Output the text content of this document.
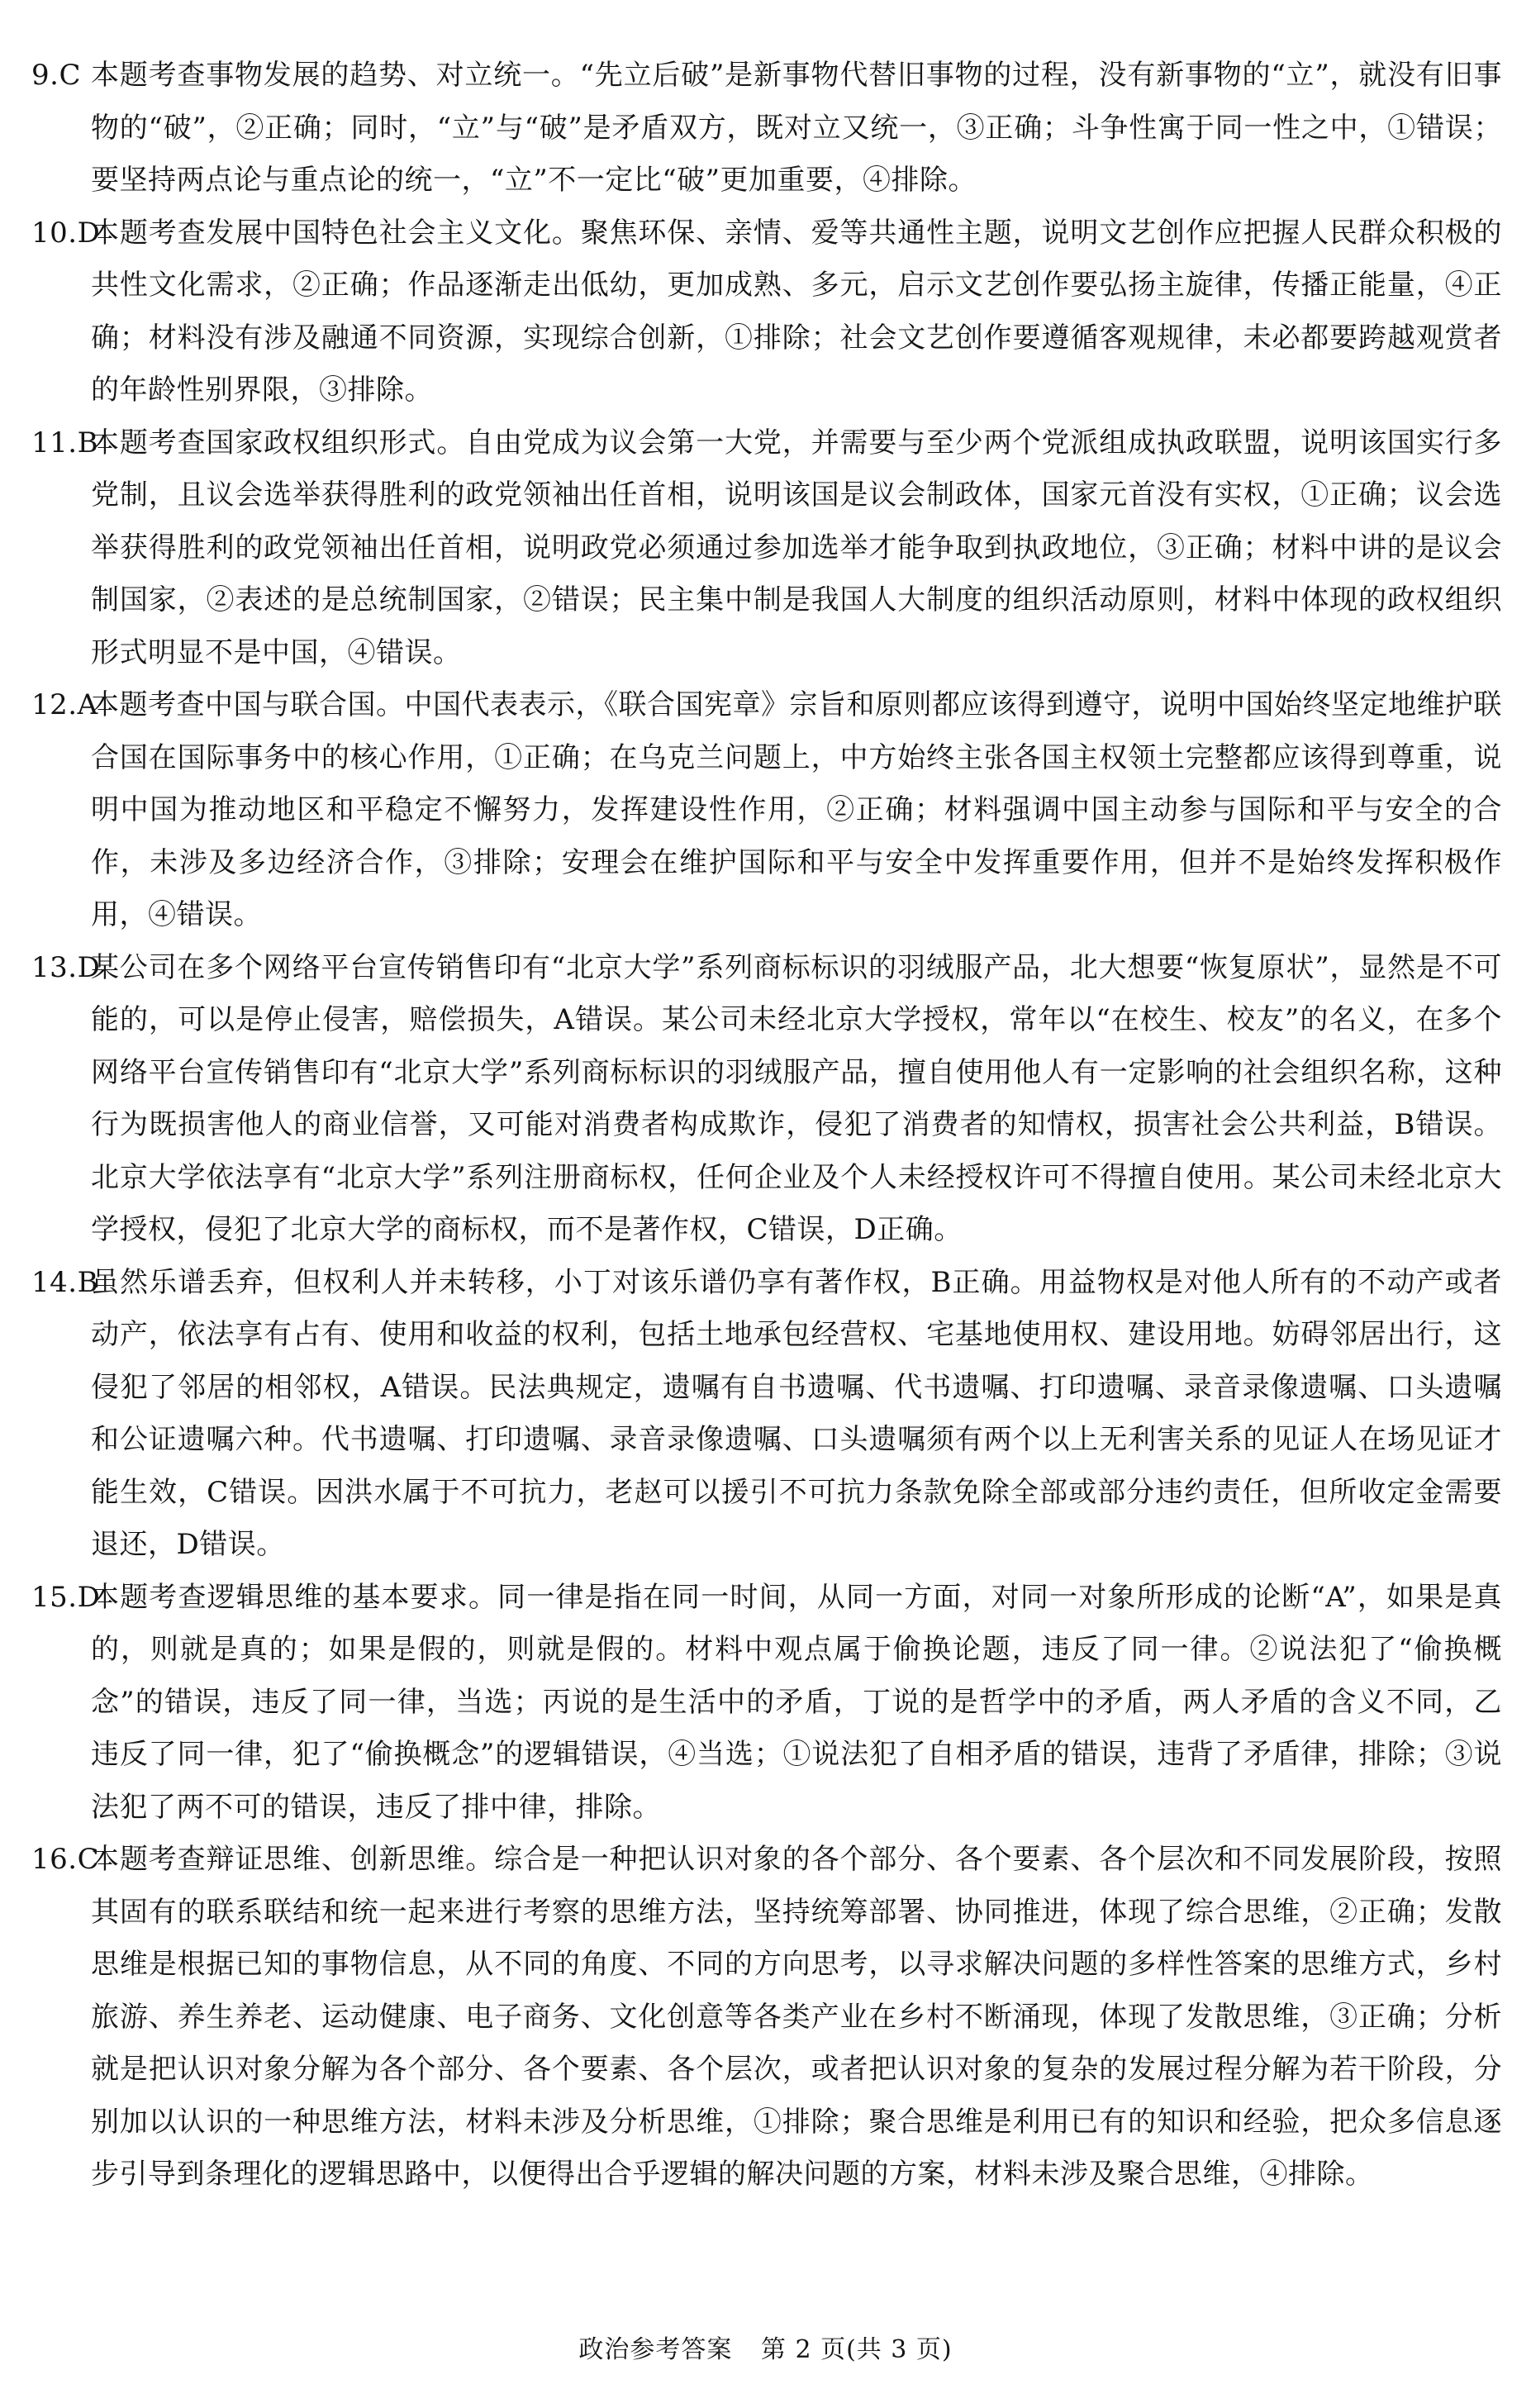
9.C 本题考查事物发展的趋势、对立统一。“先立后破”是新事物代替旧事物的过程，没有新事物的“立”，就没有旧事物的“破”，②正确；同时，“立”与“破”是矛盾双方，既对立又统一，③正确；斗争性寓于同一性之中，①错误；要坚持两点论与重点论的统一，“立”不一定比“破”更加重要，④排除。
10.D
本题考查发展中国特色社会主义文化。聚焦环保、亲情、爱等共通性主题，说明文艺创作应把握人民群众积极的共性文化需求，②正确；作品逐渐走出低幼，更加成熟、多元，启示文艺创作要弘扬主旋律，传播正能量，④正确；材料没有涉及融通不同资源，实现综合创新，①排除；社会文艺创作要遵循客观规律，未必都要跨越观赏者的年龄性别界限，③排除。
11.B
本题考查国家政权组织形式。自由党成为议会第一大党，并需要与至少两个党派组成执政联盟，说明该国实行多党制，且议会选举获得胜利的政党领袖出任首相，说明该国是议会制政体，国家元首没有实权，①正确；议会选举获得胜利的政党领袖出任首相，说明政党必须通过参加选举才能争取到执政地位，③正确；材料中讲的是议会制国家，②表述的是总统制国家，②错误；民主集中制是我国人大制度的组织活动原则，材料中体现的政权组织形式明显不是中国，④错误。
12.A
本题考查中国与联合国。中国代表表示，《联合国宪章》宗旨和原则都应该得到遵守，说明中国始终坚定地维护联合国在国际事务中的核心作用，①正确；在乌克兰问题上，中方始终主张各国主权领土完整都应该得到尊重，说明中国为推动地区和平稳定不懈努力，发挥建设性作用，②正确；材料强调中国主动参与国际和平与安全的合作，未涉及多边经济合作，③排除；安理会在维护国际和平与安全中发挥重要作用，但并不是始终发挥积极作用，④错误。
13.D
某公司在多个网络平台宣传销售印有“北京大学”系列商标标识的羽绒服产品，北大想要“恢复原状”，显然是不可能的，可以是停止侵害，赔偿损失，A错误。某公司未经北京大学授权，常年以“在校生、校友”的名义，在多个网络平台宣传销售印有“北京大学”系列商标标识的羽绒服产品，擅自使用他人有一定影响的社会组织名称，这种行为既损害他人的商业信誉，又可能对消费者构成欺诈，侵犯了消费者的知情权，损害社会公共利益，B错误。北京大学依法享有“北京大学”系列注册商标权，任何企业及个人未经授权许可不得擅自使用。某公司未经北京大学授权，侵犯了北京大学的商标权，而不是著作权，C错误，D正确。
14.B
虽然乐谱丢弃，但权利人并未转移，小丁对该乐谱仍享有著作权，B正确。用益物权是对他人所有的不动产或者动产，依法享有占有、使用和收益的权利，包括土地承包经营权、宅基地使用权、建设用地。妨碍邻居出行，这侵犯了邻居的相邻权，A错误。民法典规定，遗嘱有自书遗嘱、代书遗嘱、打印遗嘱、录音录像遗嘱、口头遗嘱和公证遗嘱六种。代书遗嘱、打印遗嘱、录音录像遗嘱、口头遗嘱须有两个以上无利害关系的见证人在场见证才能生效，C错误。因洪水属于不可抗力，老赵可以援引不可抗力条款免除全部或部分违约责任，但所收定金需要退还，D错误。
15.D
本题考查逻辑思维的基本要求。同一律是指在同一时间，从同一方面，对同一对象所形成的论断“A”，如果是真的，则就是真的；如果是假的，则就是假的。材料中观点属于偷换论题，违反了同一律。②说法犯了“偷换概念”的错误，违反了同一律，当选；丙说的是生活中的矛盾，丁说的是哲学中的矛盾，两人矛盾的含义不同，乙违反了同一律，犯了“偷换概念”的逻辑错误，④当选；①说法犯了自相矛盾的错误，违背了矛盾律，排除；③说法犯了两不可的错误，违反了排中律，排除。
16.C
本题考查辩证思维、创新思维。综合是一种把认识对象的各个部分、各个要素、各个层次和不同发展阶段，按照其固有的联系联结和统一起来进行考察的思维方法，坚持统筹部署、协同推进，体现了综合思维，②正确；发散思维是根据已知的事物信息，从不同的角度、不同的方向思考，以寻求解决问题的多样性答案的思维方式，乡村旅游、养生养老、运动健康、电子商务、文化创意等各类产业在乡村不断涌现，体现了发散思维，③正确；分析就是把认识对象分解为各个部分、各个要素、各个层次，或者把认识对象的复杂的发展过程分解为若干阶段，分别加以认识的一种思维方法，材料未涉及分析思维，①排除；聚合思维是利用已有的知识和经验，把众多信息逐步引导到条理化的逻辑思路中，以便得出合乎逻辑的解决问题的方案，材料未涉及聚合思维，④排除。
政治参考答案 第 2 页(共 3 页)
